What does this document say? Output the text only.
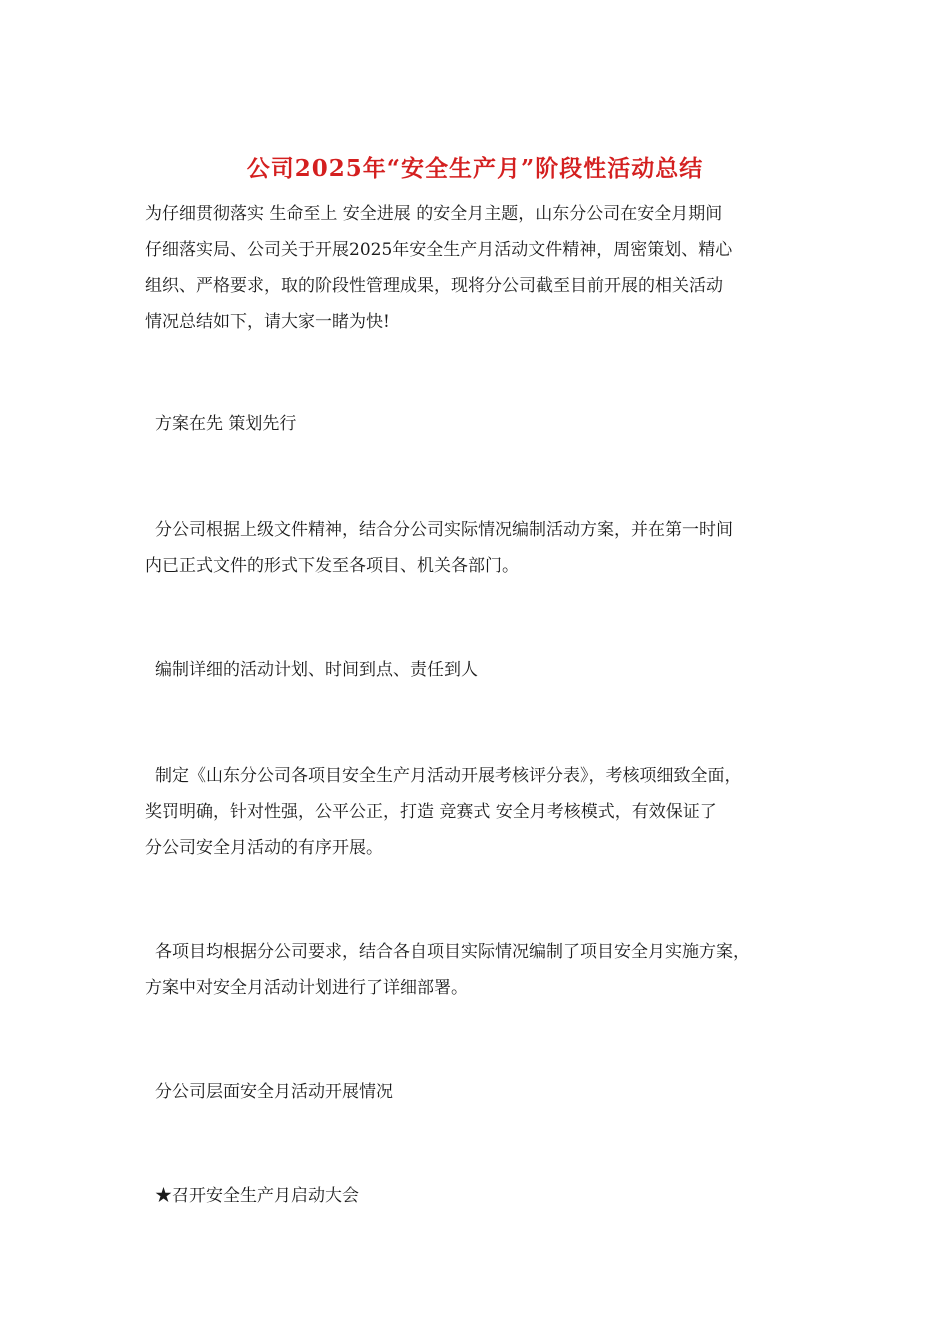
公司2025年“安全生产月”阶段性活动总结
为仔细贯彻落实 生命至上 安全进展 的安全月主题，山东分公司在安全月期间
仔细落实局、公司关于开展2025年安全生产月活动文件精神，周密策划、精心
组织、严格要求，取的阶段性管理成果，现将分公司截至目前开展的相关活动
情况总结如下，请大家一睹为快!
方案在先 策划先行
分公司根据上级文件精神，结合分公司实际情况编制活动方案，并在第一时间
内已正式文件的形式下发至各项目、机关各部门。
编制详细的活动计划、时间到点、责任到人
制定《山东分公司各项目安全生产月活动开展考核评分表》，考核项细致全面，
奖罚明确，针对性强，公平公正，打造 竞赛式 安全月考核模式，有效保证了
分公司安全月活动的有序开展。
各项目均根据分公司要求，结合各自项目实际情况编制了项目安全月实施方案，
方案中对安全月活动计划进行了详细部署。
分公司层面安全月活动开展情况
★召开安全生产月启动大会
